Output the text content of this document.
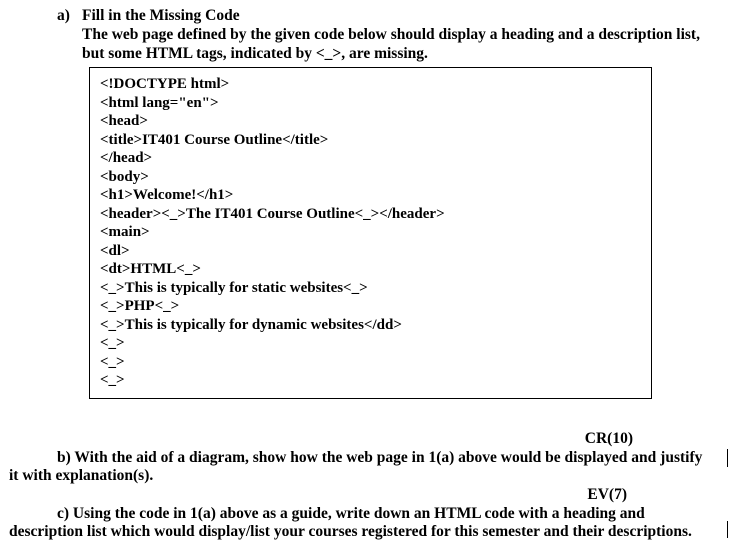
a) Fill in the Missing Code
The web page defined by the given code below should display a heading and a description list,
but some HTML tags, indicated by <_>, are missing.
<!DOCTYPE html>
<html lang="en">
<head>
<title>IT401 Course Outline</title>
</head>
<body>
<h1>Welcome!</h1>
<header><_>The IT401 Course Outline<_></header>
<main>
<dl>
<dt>HTML<_>
<_>This is typically for static websites<_>
<_>PHP<_>
<_>This is typically for dynamic websites</dd>
<_>
<_>
<_>
CR(10)
b) With the aid of a diagram, show how the web page in 1(a) above would be displayed and justify
it with explanation(s).
EV(7)
c) Using the code in 1(a) above as a guide, write down an HTML code with a heading and
description list which would display/list your courses registered for this semester and their descriptions.
